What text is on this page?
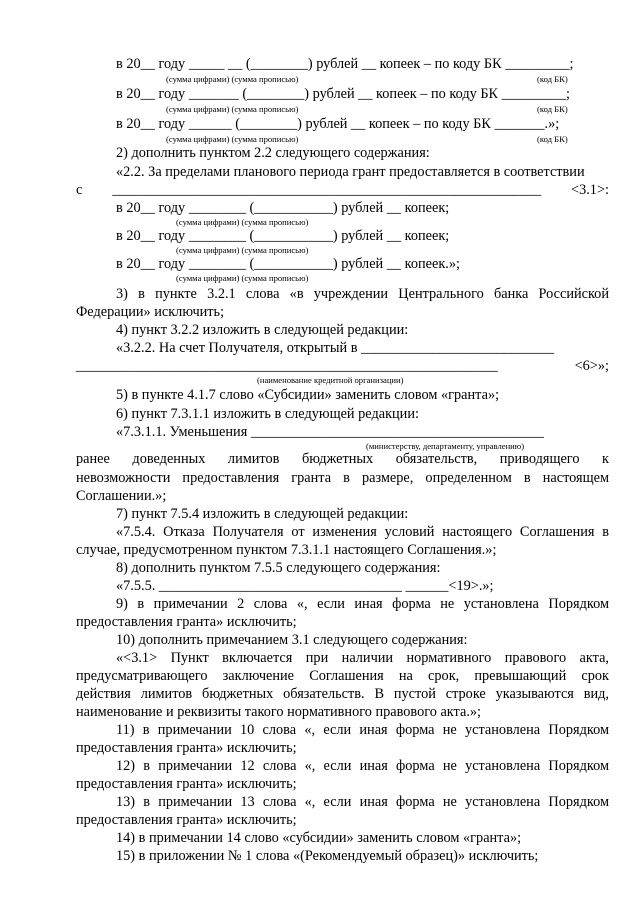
в 20__ году _____ __ (________) рублей __ копеек – по коду БК _________;
(сумма цифрами) (сумма прописью)	(код БК)
в 20__ году _______ (________) рублей __ копеек – по коду БК _________;
(сумма цифрами) (сумма прописью)	(код БК)
в 20__ году ______ (________) рублей __ копеек – по коду БК _______.»;
(сумма цифрами) (сумма прописью)	(код БК)
2) дополнить пунктом 2.2 следующего содержания:
«2.2. За пределами планового периода грант предоставляется в соответствии
с ____________________________________________________________ <3.1>:
в 20__ году ________ (___________) рублей __ копеек;
(сумма цифрами) (сумма прописью)
в 20__ году ________ (___________) рублей __ копеек;
(сумма цифрами) (сумма прописью)
в 20__ году ________ (___________) рублей __ копеек.»;
(сумма цифрами) (сумма прописью)
3) в пункте 3.2.1 слова «в учреждении Центрального банка Российской
Федерации» исключить;
4) пункт 3.2.2 изложить в следующей редакции:
«3.2.2. На счет Получателя, открытый в ___________________________
___________________________________________________________ <6>»;
(наименование кредитной организации)
5) в пункте 4.1.7 слово «Субсидии» заменить словом «гранта»;
6) пункт 7.3.1.1 изложить в следующей редакции:
«7.3.1.1. Уменьшения _________________________________________
(министерству, департаменту, управлению)
ранее доведенных лимитов бюджетных обязательств, приводящего к
невозможности предоставления гранта в размере, определенном в настоящем
Соглашении.»;
7) пункт 7.5.4 изложить в следующей редакции:
«7.5.4. Отказа Получателя от изменения условий настоящего Соглашения в
случае, предусмотренном пунктом 7.3.1.1 настоящего Соглашения.»;
8) дополнить пунктом 7.5.5 следующего содержания:
«7.5.5. __________________________________ ______<19>.»;
9) в примечании 2 слова «, если иная форма не установлена Порядком
предоставления гранта» исключить;
10) дополнить примечанием 3.1 следующего содержания:
«<3.1> Пункт включается при наличии нормативного правового акта,
предусматривающего заключение Соглашения на срок, превышающий срок
действия лимитов бюджетных обязательств. В пустой строке указываются вид,
наименование и реквизиты такого нормативного правового акта.»;
11) в примечании 10 слова «, если иная форма не установлена Порядком
предоставления гранта» исключить;
12) в примечании 12 слова «, если иная форма не установлена Порядком
предоставления гранта» исключить;
13) в примечании 13 слова «, если иная форма не установлена Порядком
предоставления гранта» исключить;
14) в примечании 14 слово «субсидии» заменить словом «гранта»;
15) в приложении № 1 слова «(Рекомендуемый образец)» исключить;
